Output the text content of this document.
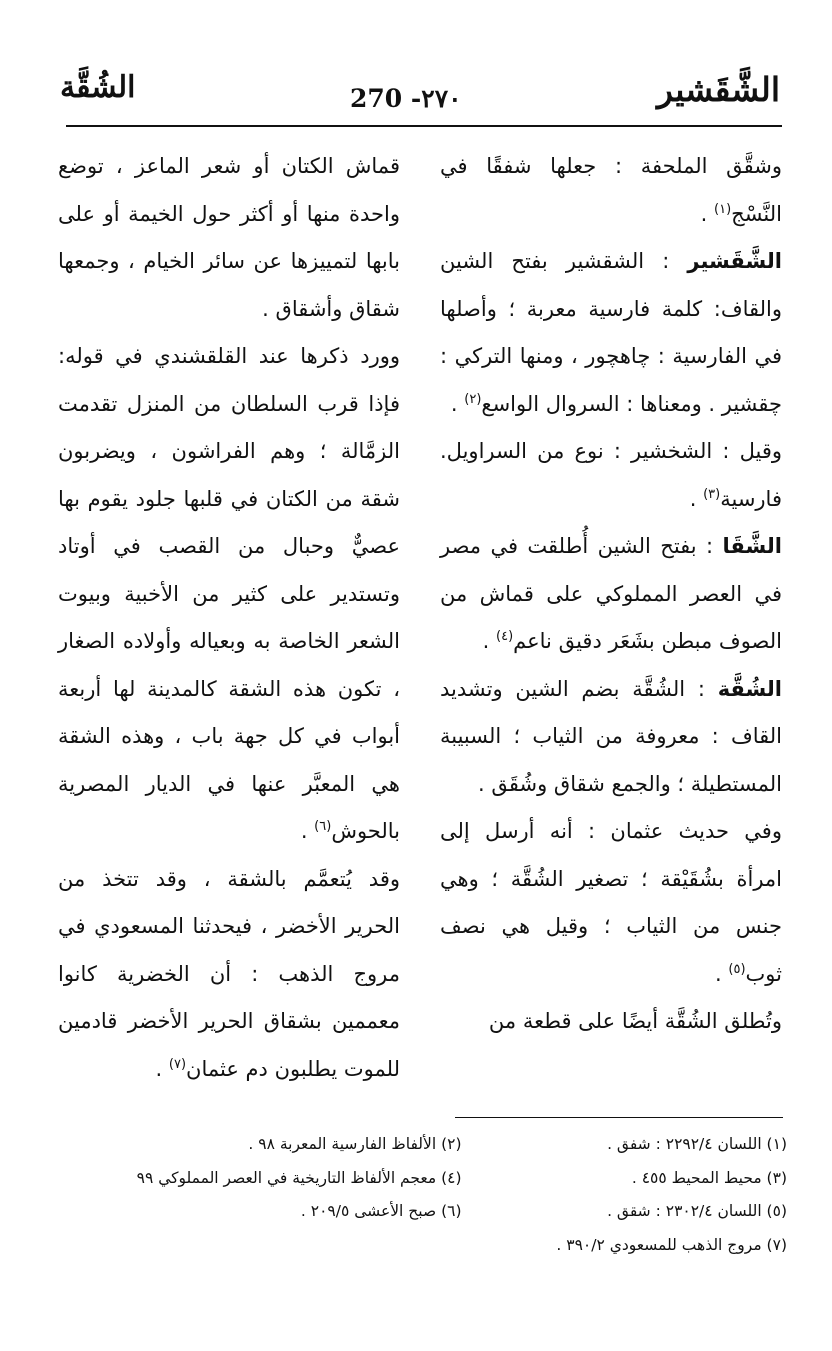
الشَّقَشير
270 -٢٧٠
الشُقَّة

وشقَّق الملحفة : جعلها شفقًا في النَّسْج$^{(١)}$ .

الشَّقَشير : الشقشير بفتح الشين والقاف: كلمة فارسية معربة ؛ وأصلها في الفارسية : چاهچور ، ومنها التركي : چقشير . ومعناها : السروال الواسع$^{(٢)}$ .

وقيل : الشخشير : نوع من السراويل. فارسية$^{(٣)}$ .

الشَّقَا : بفتح الشين أُطلقت في مصر في العصر المملوكي على قماش من الصوف مبطن بشَعَر دقيق ناعم$^{(٤)}$ .

الشُقَّة : الشُقَّة بضم الشين وتشديد القاف : معروفة من الثياب ؛ السبيبة المستطيلة ؛ والجمع شقاق وشُقَق .

وفي حديث عثمان : أنه أرسل إلى امرأة بشُقَيْقة ؛ تصغير الشُقَّة ؛ وهي جنس من الثياب ؛ وقيل هي نصف ثوب$^{(٥)}$ .

وتُطلق الشُقَّة أيضًا على قطعة من

قماش الكتان أو شعر الماعز ، توضع واحدة منها أو أكثر حول الخيمة أو على بابها لتمييزها عن سائر الخيام ، وجمعها شقاق وأشقاق .

وورد ذكرها عند القلقشندي في قوله: فإذا قرب السلطان من المنزل تقدمت الزمَّالة ؛ وهم الفراشون ، ويضربون شقة من الكتان في قلبها جلود يقوم بها عصيٌّ وحبال من القصب في أوتاد وتستدير على كثير من الأخبية وبيوت الشعر الخاصة به وبعياله وأولاده الصغار ، تكون هذه الشقة كالمدينة لها أربعة أبواب في كل جهة باب ، وهذه الشقة هي المعبَّر عنها في الديار المصرية بالحوش$^{(٦)}$ .

وقد يُتعمَّم بالشقة ، وقد تتخذ من الحرير الأخضر ، فيحدثنا المسعودي في مروج الذهب : أن الخضرية كانوا معممين بشقاق الحرير الأخضر قادمين للموت يطلبون دم عثمان$^{(٧)}$ .

(١) اللسان ٢٢٩٢/٤ : شفق .
(٢) الألفاظ الفارسية المعربة ٩٨ .
(٣) محيط المحيط ٤٥٥ .
(٤) معجم الألفاظ التاريخية في العصر المملوكي ٩٩
(٥) اللسان ٢٣٠٢/٤ : شقق .
(٦) صبح الأعشى ٢٠٩/٥ .
(٧) مروج الذهب للمسعودي ٣٩٠/٢ .
